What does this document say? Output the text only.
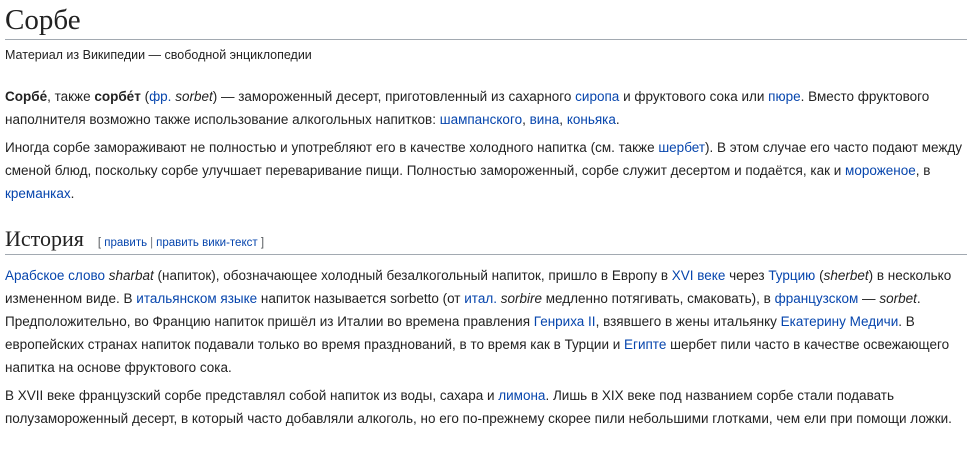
Сорбе
Материал из Википедии — свободной энциклопедии

Сорбе́, также сорбе́т (фр. sorbet) — замороженный десерт, приготовленный из сахарного сиропа и фруктового сока или пюре. Вместо фруктового наполнителя возможно также использование алкогольных напитков: шампанского, вина, коньяка.

Иногда сорбе замораживают не полностью и употребляют его в качестве холодного напитка (см. также шербет). В этом случае его часто подают между сменой блюд, поскольку сорбе улучшает переваривание пищи. Полностью замороженный, сорбе служит десертом и подаётся, как и мороженое, в креманках.

История [ править | править вики-текст ]

Арабское слово sharbat (напиток), обозначающее холодный безалкогольный напиток, пришло в Европу в XVI веке через Турцию (sherbet) в несколько измененном виде. В итальянском языке напиток называется sorbetto (от итал. sorbire медленно потягивать, смаковать), в французском — sorbet. Предположительно, во Францию напиток пришёл из Италии во времена правления Генриха II, взявшего в жены итальянку Екатерину Медичи. В европейских странах напиток подавали только во время празднований, в то время как в Турции и Египте шербет пили часто в качестве освежающего напитка на основе фруктового сока.

В XVII веке французский сорбе представлял собой напиток из воды, сахара и лимона. Лишь в XIX веке под названием сорбе стали подавать полузамороженный десерт, в который часто добавляли алкоголь, но его по-прежнему скорее пили небольшими глотками, чем ели при помощи ложки.
